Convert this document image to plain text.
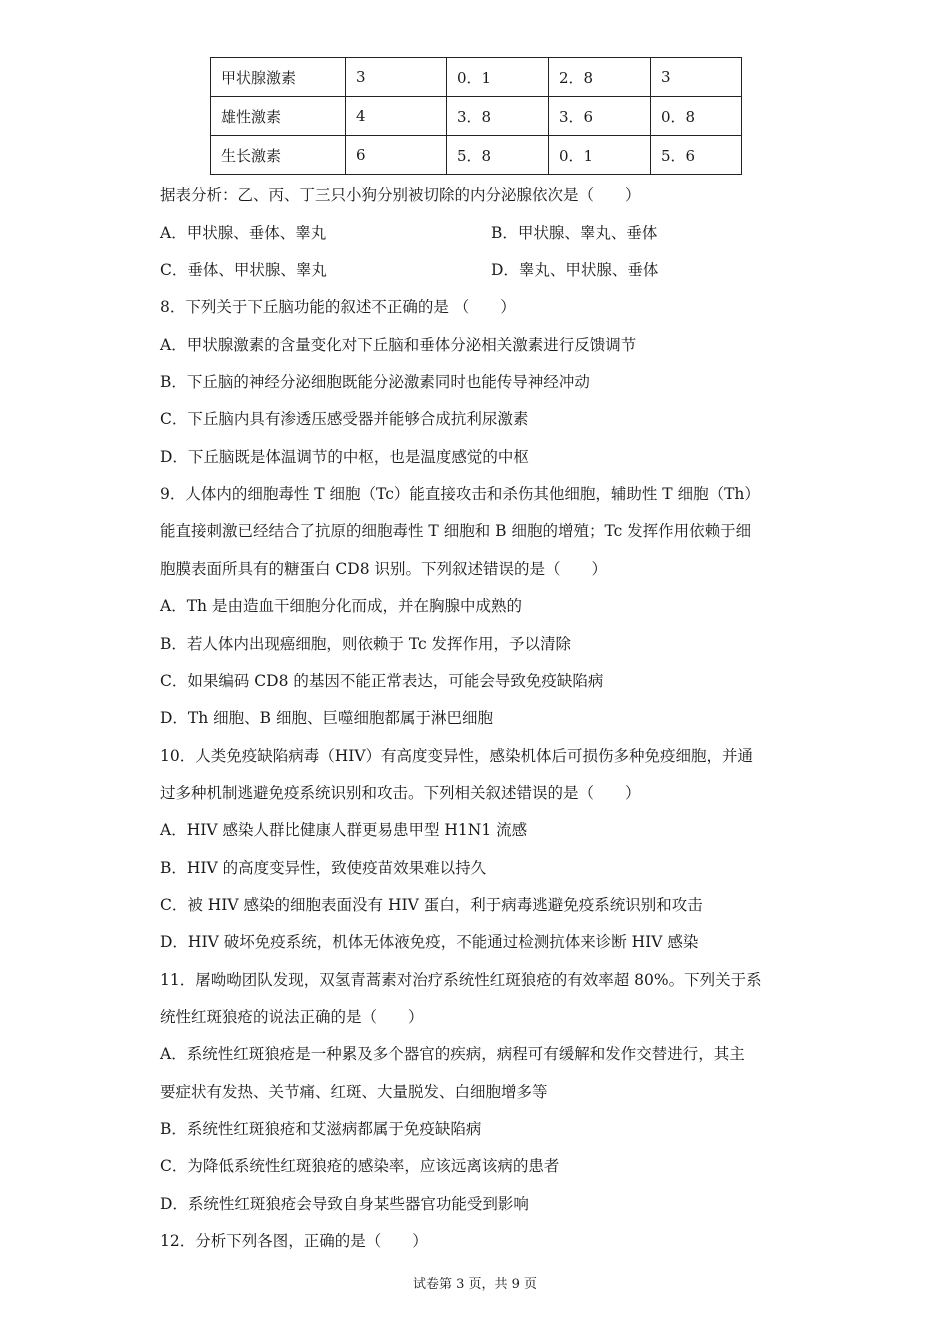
甲状腺激素	3	0．1	2．8	3
雄性激素	4	3．8	3．6	0．8
生长激素	6	5．8	0．1	5．6
据表分析：乙、丙、丁三只小狗分别被切除的内分泌腺依次是（　　）
A．甲状腺、垂体、睾丸	B．甲状腺、睾丸、垂体
C．垂体、甲状腺、睾丸	D．睾丸、甲状腺、垂体
8．下列关于下丘脑功能的叙述不正确的是 （　　）
A．甲状腺激素的含量变化对下丘脑和垂体分泌相关激素进行反馈调节
B．下丘脑的神经分泌细胞既能分泌激素同时也能传导神经冲动
C．下丘脑内具有渗透压感受器并能够合成抗利尿激素
D．下丘脑既是体温调节的中枢，也是温度感觉的中枢
9．人体内的细胞毒性 T 细胞（Tc）能直接攻击和杀伤其他细胞，辅助性 T 细胞（Th）
能直接刺激已经结合了抗原的细胞毒性 T 细胞和 B 细胞的增殖；Tc 发挥作用依赖于细
胞膜表面所具有的糖蛋白 CD8 识别。下列叙述错误的是（　　）
A．Th 是由造血干细胞分化而成，并在胸腺中成熟的
B．若人体内出现癌细胞，则依赖于 Tc 发挥作用，予以清除
C．如果编码 CD8 的基因不能正常表达，可能会导致免疫缺陷病
D．Th 细胞、B 细胞、巨噬细胞都属于淋巴细胞
10．人类免疫缺陷病毒（HIV）有高度变异性，感染机体后可损伤多种免疫细胞，并通
过多种机制逃避免疫系统识别和攻击。下列相关叙述错误的是（　　）
A．HIV 感染人群比健康人群更易患甲型 H1N1 流感
B．HIV 的高度变异性，致使疫苗效果难以持久
C．被 HIV 感染的细胞表面没有 HIV 蛋白，利于病毒逃避免疫系统识别和攻击
D．HIV 破坏免疫系统，机体无体液免疫，不能通过检测抗体来诊断 HIV 感染
11．屠呦呦团队发现，双氢青蒿素对治疗系统性红斑狼疮的有效率超 80%。下列关于系
统性红斑狼疮的说法正确的是（　　）
A．系统性红斑狼疮是一种累及多个器官的疾病，病程可有缓解和发作交替进行，其主
要症状有发热、关节痛、红斑、大量脱发、白细胞增多等
B．系统性红斑狼疮和艾滋病都属于免疫缺陷病
C．为降低系统性红斑狼疮的感染率，应该远离该病的患者
D．系统性红斑狼疮会导致自身某些器官功能受到影响
12．分析下列各图，正确的是（　　）
试卷第 3 页，共 9 页
